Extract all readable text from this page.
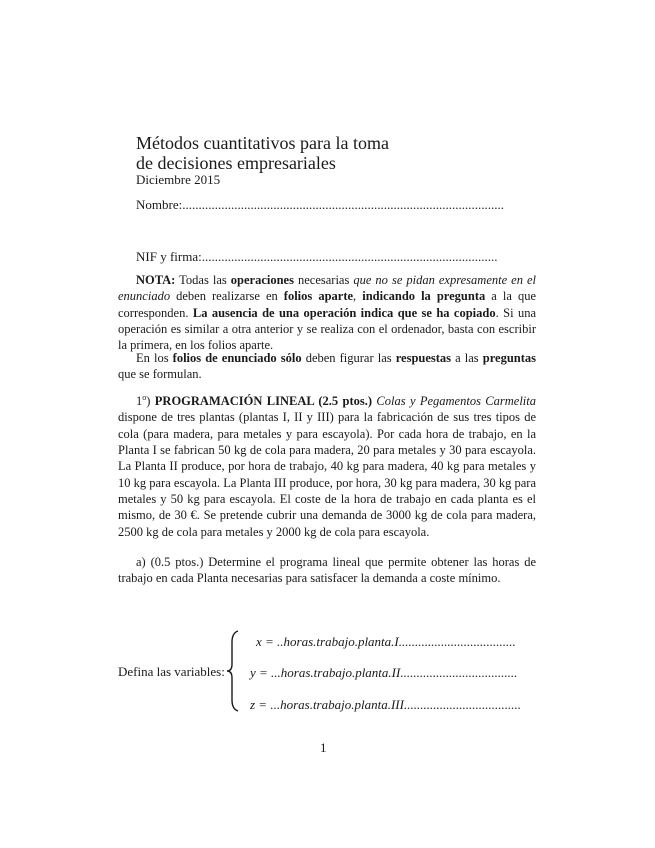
Métodos cuantitativos para la toma
de decisiones empresariales
Diciembre 2015
Nombre:...................................................................................................
NIF y firma:...........................................................................................
NOTA: Todas las operaciones necesarias que no se pidan expresamente en el enunciado deben realizarse en folios aparte, indicando la pregunta a la que corresponden. La ausencia de una operación indica que se ha copiado. Si una operación es similar a otra anterior y se realiza con el ordenador, basta con escribir la primera, en los folios aparte.
En los folios de enunciado sólo deben figurar las respuestas a las preguntas que se formulan.
1$^o$) PROGRAMACIÓN LINEAL (2.5 ptos.) Colas y Pegamentos Carmelita dispone de tres plantas (plantas I, II y III) para la fabricación de sus tres tipos de cola (para madera, para metales y para escayola). Por cada hora de trabajo, en la Planta I se fabrican 50 kg de cola para madera, 20 para metales y 30 para escayola. La Planta II produce, por hora de trabajo, 40 kg para madera, 40 kg para metales y 10 kg para escayola. La Planta III produce, por hora, 30 kg para madera, 30 kg para metales y 50 kg para escayola. El coste de la hora de trabajo en cada planta es el mismo, de 30 €. Se pretende cubrir una demanda de 3000 kg de cola para madera, 2500 kg de cola para metales y 2000 kg de cola para escayola.
a) (0.5 ptos.) Determine el programa lineal que permite obtener las horas de trabajo en cada Planta necesarias para satisfacer la demanda a coste mínimo.
Defina las variables:
x = ..horas.trabajo.planta.I....................................
y = ...horas.trabajo.planta.II....................................
z = ...horas.trabajo.planta.III....................................
1
